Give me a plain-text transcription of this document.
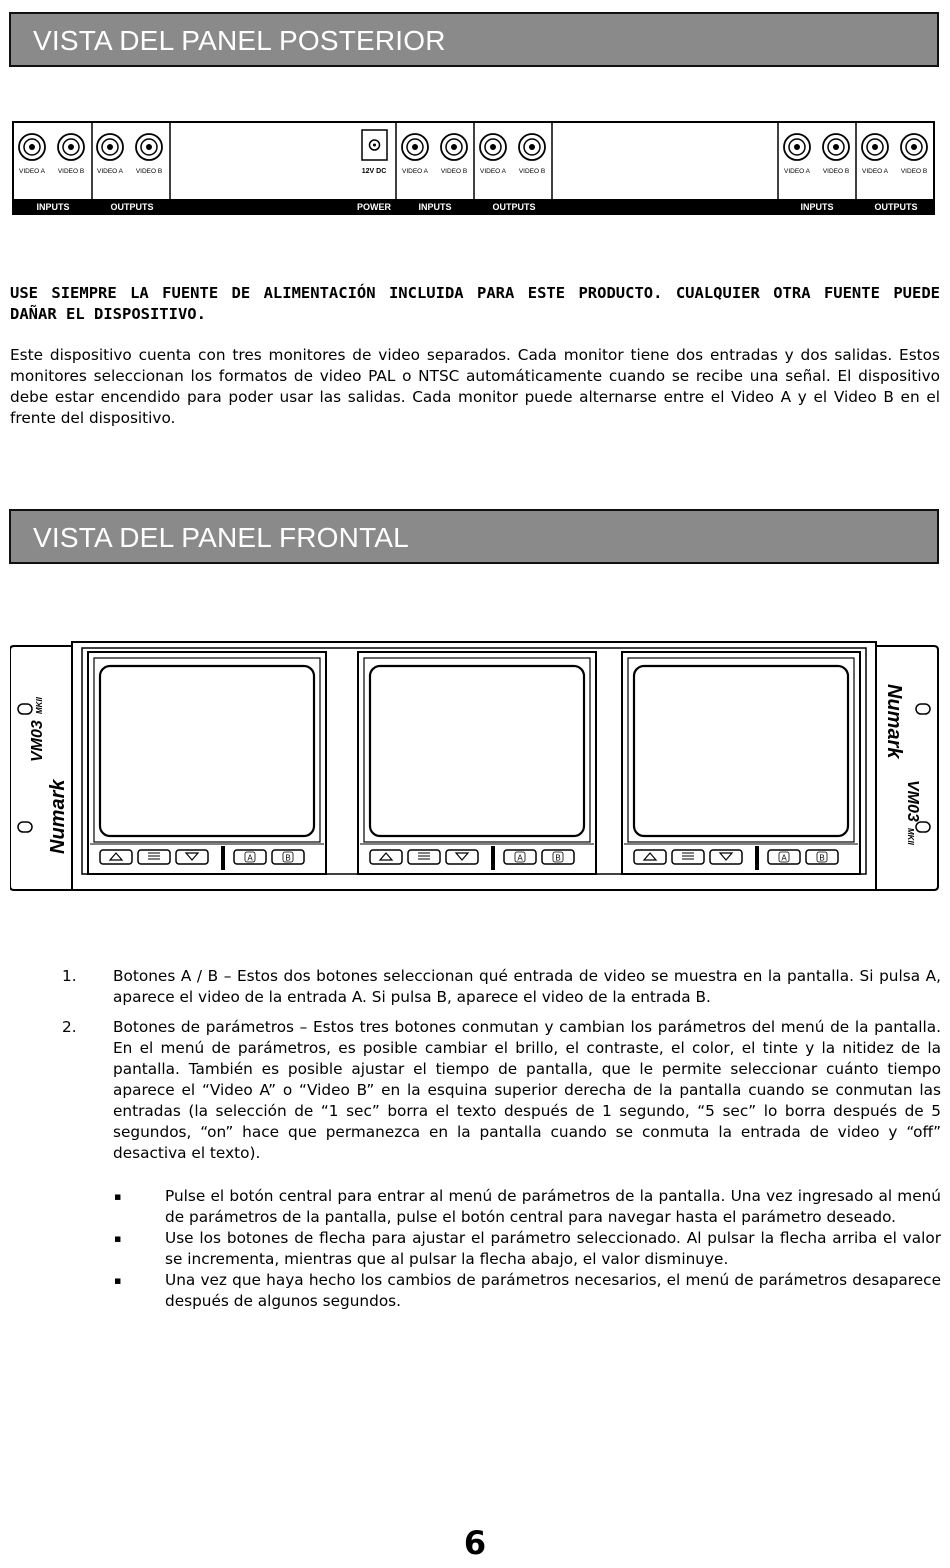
VISTA DEL PANEL POSTERIOR
VIDEO A VIDEO B VIDEO A VIDEO B	VIDEO A VIDEO B VIDEO A VIDEO B	VIDEO A VIDEO B VIDEO A VIDEO B
INPUTS	OUTPUTS	POWER	INPUTS	OUTPUTS	INPUTS	OUTPUTS
12V DC

USE SIEMPRE LA FUENTE DE ALIMENTACIÓN INCLUIDA PARA ESTE PRODUCTO. CUALQUIER OTRA FUENTE PUEDE DAÑAR EL DISPOSITIVO.

Este dispositivo cuenta con tres monitores de video separados. Cada monitor tiene dos entradas y dos salidas. Estos monitores seleccionan los formatos de video PAL o NTSC automáticamente cuando se recibe una señal. El dispositivo debe estar encendido para poder usar las salidas. Cada monitor puede alternarse entre el Video A y el Video B en el frente del dispositivo.

VISTA DEL PANEL FRONTAL
Numark
VM03
MKII	Numark
VM03
MKII
A	B	A	B	A	B
1. Botones A / B – Estos dos botones seleccionan qué entrada de video se muestra en la pantalla. Si pulsa A, aparece el video de la entrada A. Si pulsa B, aparece el video de la entrada B.
2. Botones de parámetros – Estos tres botones conmutan y cambian los parámetros del menú de la pantalla. En el menú de parámetros, es posible cambiar el brillo, el contraste, el color, el tinte y la nitidez de la pantalla. También es posible ajustar el tiempo de pantalla, que le permite seleccionar cuánto tiempo aparece el “Video A” o “Video B” en la esquina superior derecha de la pantalla cuando se conmutan las entradas (la selección de “1 sec” borra el texto después de 1 segundo, “5 sec” lo borra después de 5 segundos, “on” hace que permanezca en la pantalla cuando se conmuta la entrada de video y “off” desactiva el texto).
▪	Pulse el botón central para entrar al menú de parámetros de la pantalla. Una vez ingresado al menú de parámetros de la pantalla, pulse el botón central para navegar hasta el parámetro deseado.
▪	Use los botones de flecha para ajustar el parámetro seleccionado. Al pulsar la flecha arriba el valor se incrementa, mientras que al pulsar la flecha abajo, el valor disminuye.
▪	Una vez que haya hecho los cambios de parámetros necesarios, el menú de parámetros desaparece después de algunos segundos.
6
